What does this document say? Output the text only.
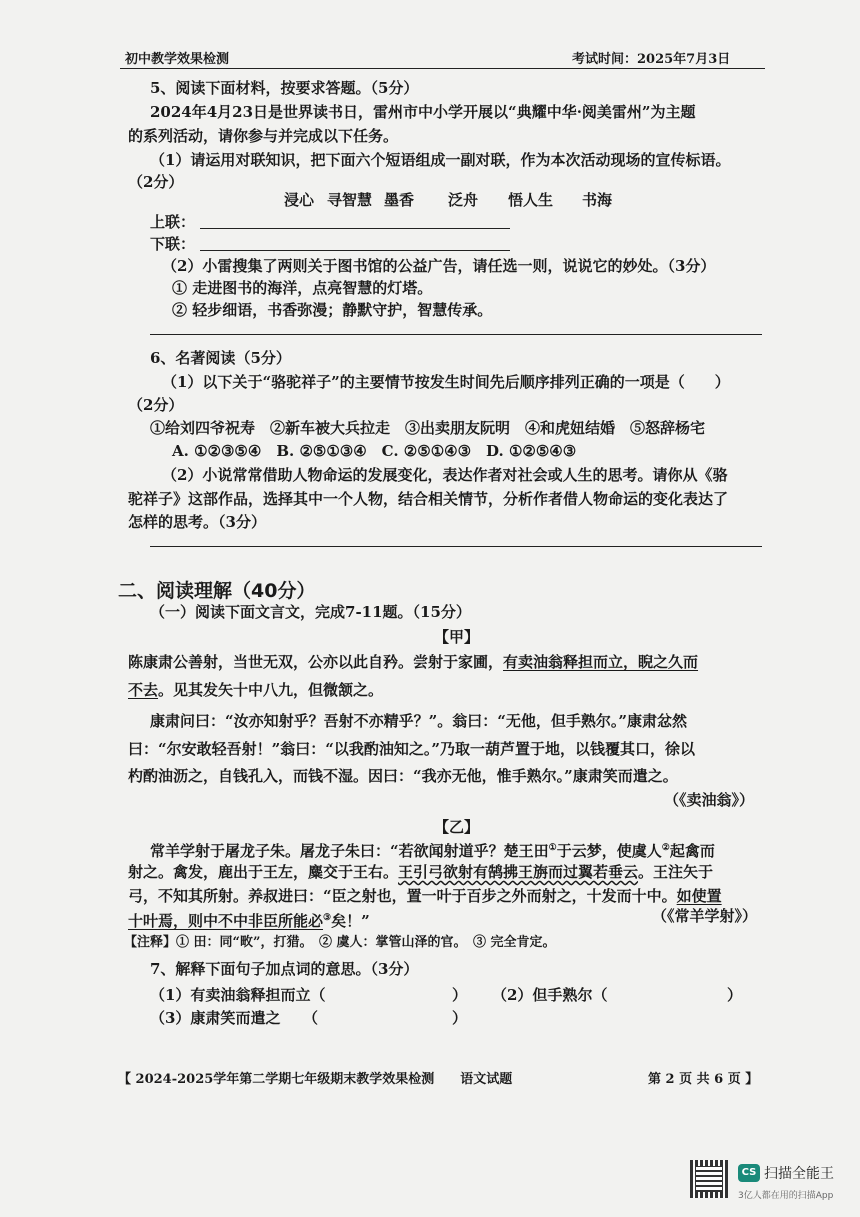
初中教学效果检测	考试时间：2025年7月3日
5、阅读下面材料，按要求答题。（5分）
2024年4月23日是世界读书日，雷州市中小学开展以“典耀中华·阅美雷州”为主题
的系列活动，请你参与并完成以下任务。
（1）请运用对联知识，把下面六个短语组成一副对联，作为本次活动现场的宣传标语。
（2分）
浸心 寻智慧 墨香 泛舟 悟人生 书海
上联：
下联：
（2）小雷搜集了两则关于图书馆的公益广告，请任选一则，说说它的妙处。（3分）
① 走进图书的海洋，点亮智慧的灯塔。
② 轻步细语，书香弥漫；静默守护，智慧传承。
6、名著阅读（5分）
（1）以下关于“骆驼祥子”的主要情节按发生时间先后顺序排列正确的一项是（　　）
（2分）
①给刘四爷祝寿　②新车被大兵拉走　③出卖朋友阮明　④和虎妞结婚　⑤怒辞杨宅
A. ①②③⑤④　B. ②⑤①③④　C. ②⑤①④③　D. ①②⑤④③
（2）小说常常借助人物命运的发展变化，表达作者对社会或人生的思考。请你从《骆
驼祥子》这部作品，选择其中一个人物，结合相关情节，分析作者借人物命运的变化表达了
怎样的思考。（3分）
二、阅读理解（40分）
（一）阅读下面文言文，完成7-11题。（15分）
【甲】
陈康肃公善射，当世无双，公亦以此自矜。尝射于家圃，有卖油翁释担而立，睨之久而
不去。见其发矢十中八九，但微颔之。
康肃问曰：“汝亦知射乎？吾射不亦精乎？”。翁曰：“无他，但手熟尔。”康肃忿然
曰：“尔安敢轻吾射！”翁曰：“以我酌油知之。”乃取一葫芦置于地，以钱覆其口，徐以
杓酌油沥之，自钱孔入，而钱不湿。因曰：“我亦无他，惟手熟尔。”康肃笑而遣之。
（《卖油翁》）
【乙】
常羊学射于屠龙子朱。屠龙子朱曰：“若欲闻射道乎？楚王田①于云梦，使虞人②起禽而
射之。禽发，鹿出于王左，麋交于王右。王引弓欲射有鹄拂王旃而过翼若垂云。王注矢于
弓，不知其所射。养叔进曰：“臣之射也，置一叶于百步之外而射之，十发而十中。如使置
十叶焉，则中不中非臣所能必③矣！”	（《常羊学射》）
【注释】① 田：同“畋”，打猎。　② 虞人：掌管山泽的官。　③ 完全肯定。
7、解释下面句子加点词的意思。（3分）
（1）有卖油翁释担而立（	） （2）但手熟尔（	）
（3）康肃笑而遣之　　（	）
【 2024-2025学年第二学期七年级期末教学效果检测　　语文试题	第 2 页 共 6 页 】
CS 扫描全能王
3亿人都在用的扫描App
